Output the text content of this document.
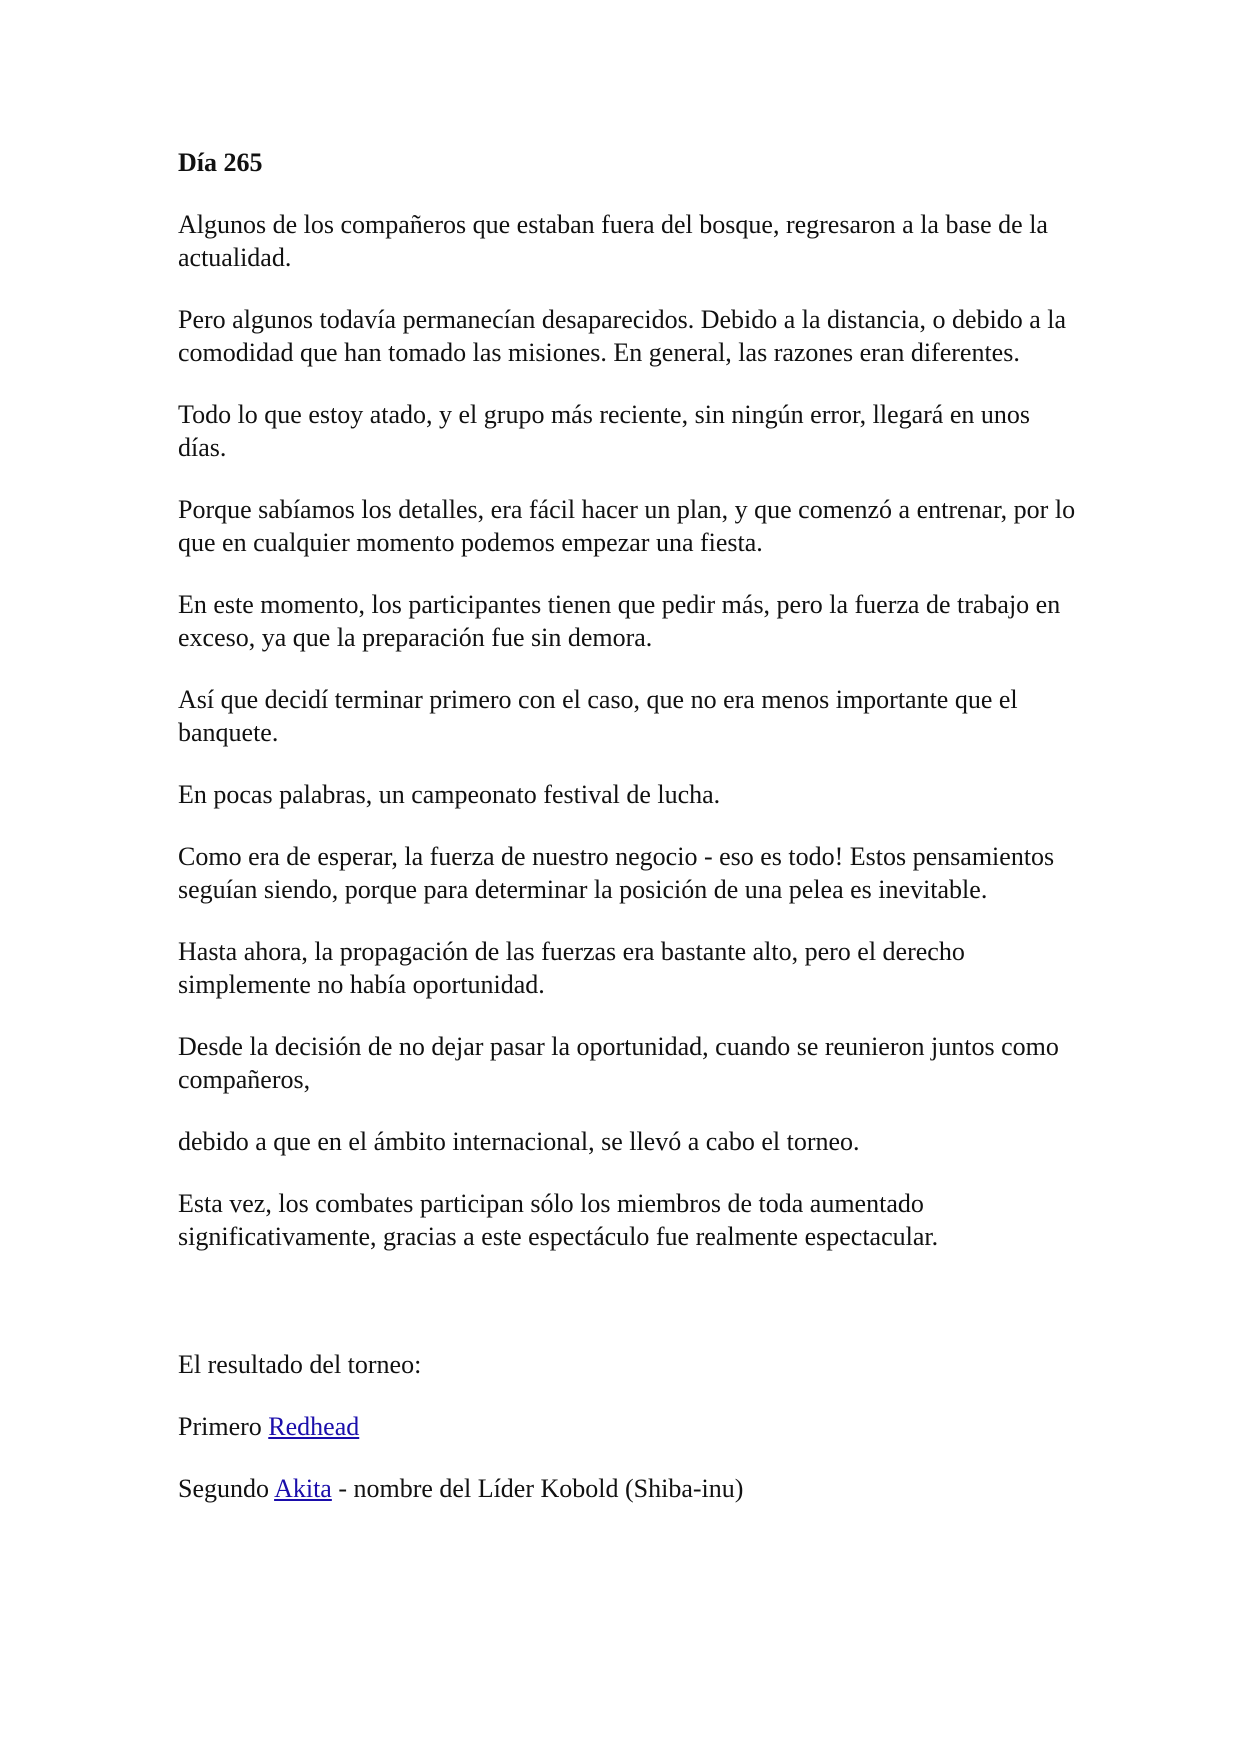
Día 265

Algunos de los compañeros que estaban fuera del bosque, regresaron a la base de la actualidad.

Pero algunos todavía permanecían desaparecidos. Debido a la distancia, o debido a la comodidad que han tomado las misiones. En general, las razones eran diferentes.

Todo lo que estoy atado, y el grupo más reciente, sin ningún error, llegará en unos días.

Porque sabíamos los detalles, era fácil hacer un plan, y que comenzó a entrenar, por lo que en cualquier momento podemos empezar una fiesta.

En este momento, los participantes tienen que pedir más, pero la fuerza de trabajo en exceso, ya que la preparación fue sin demora.

Así que decidí terminar primero con el caso, que no era menos importante que el banquete.

En pocas palabras, un campeonato festival de lucha.

Como era de esperar, la fuerza de nuestro negocio - eso es todo! Estos pensamientos seguían siendo, porque para determinar la posición de una pelea es inevitable.

Hasta ahora, la propagación de las fuerzas era bastante alto, pero el derecho simplemente no había oportunidad.

Desde la decisión de no dejar pasar la oportunidad, cuando se reunieron juntos como compañeros,

debido a que en el ámbito internacional, se llevó a cabo el torneo.

Esta vez, los combates participan sólo los miembros de toda aumentado significativamente, gracias a este espectáculo fue realmente espectacular.

El resultado del torneo:

Primero Redhead

Segundo Akita - nombre del Líder Kobold (Shiba-inu)
